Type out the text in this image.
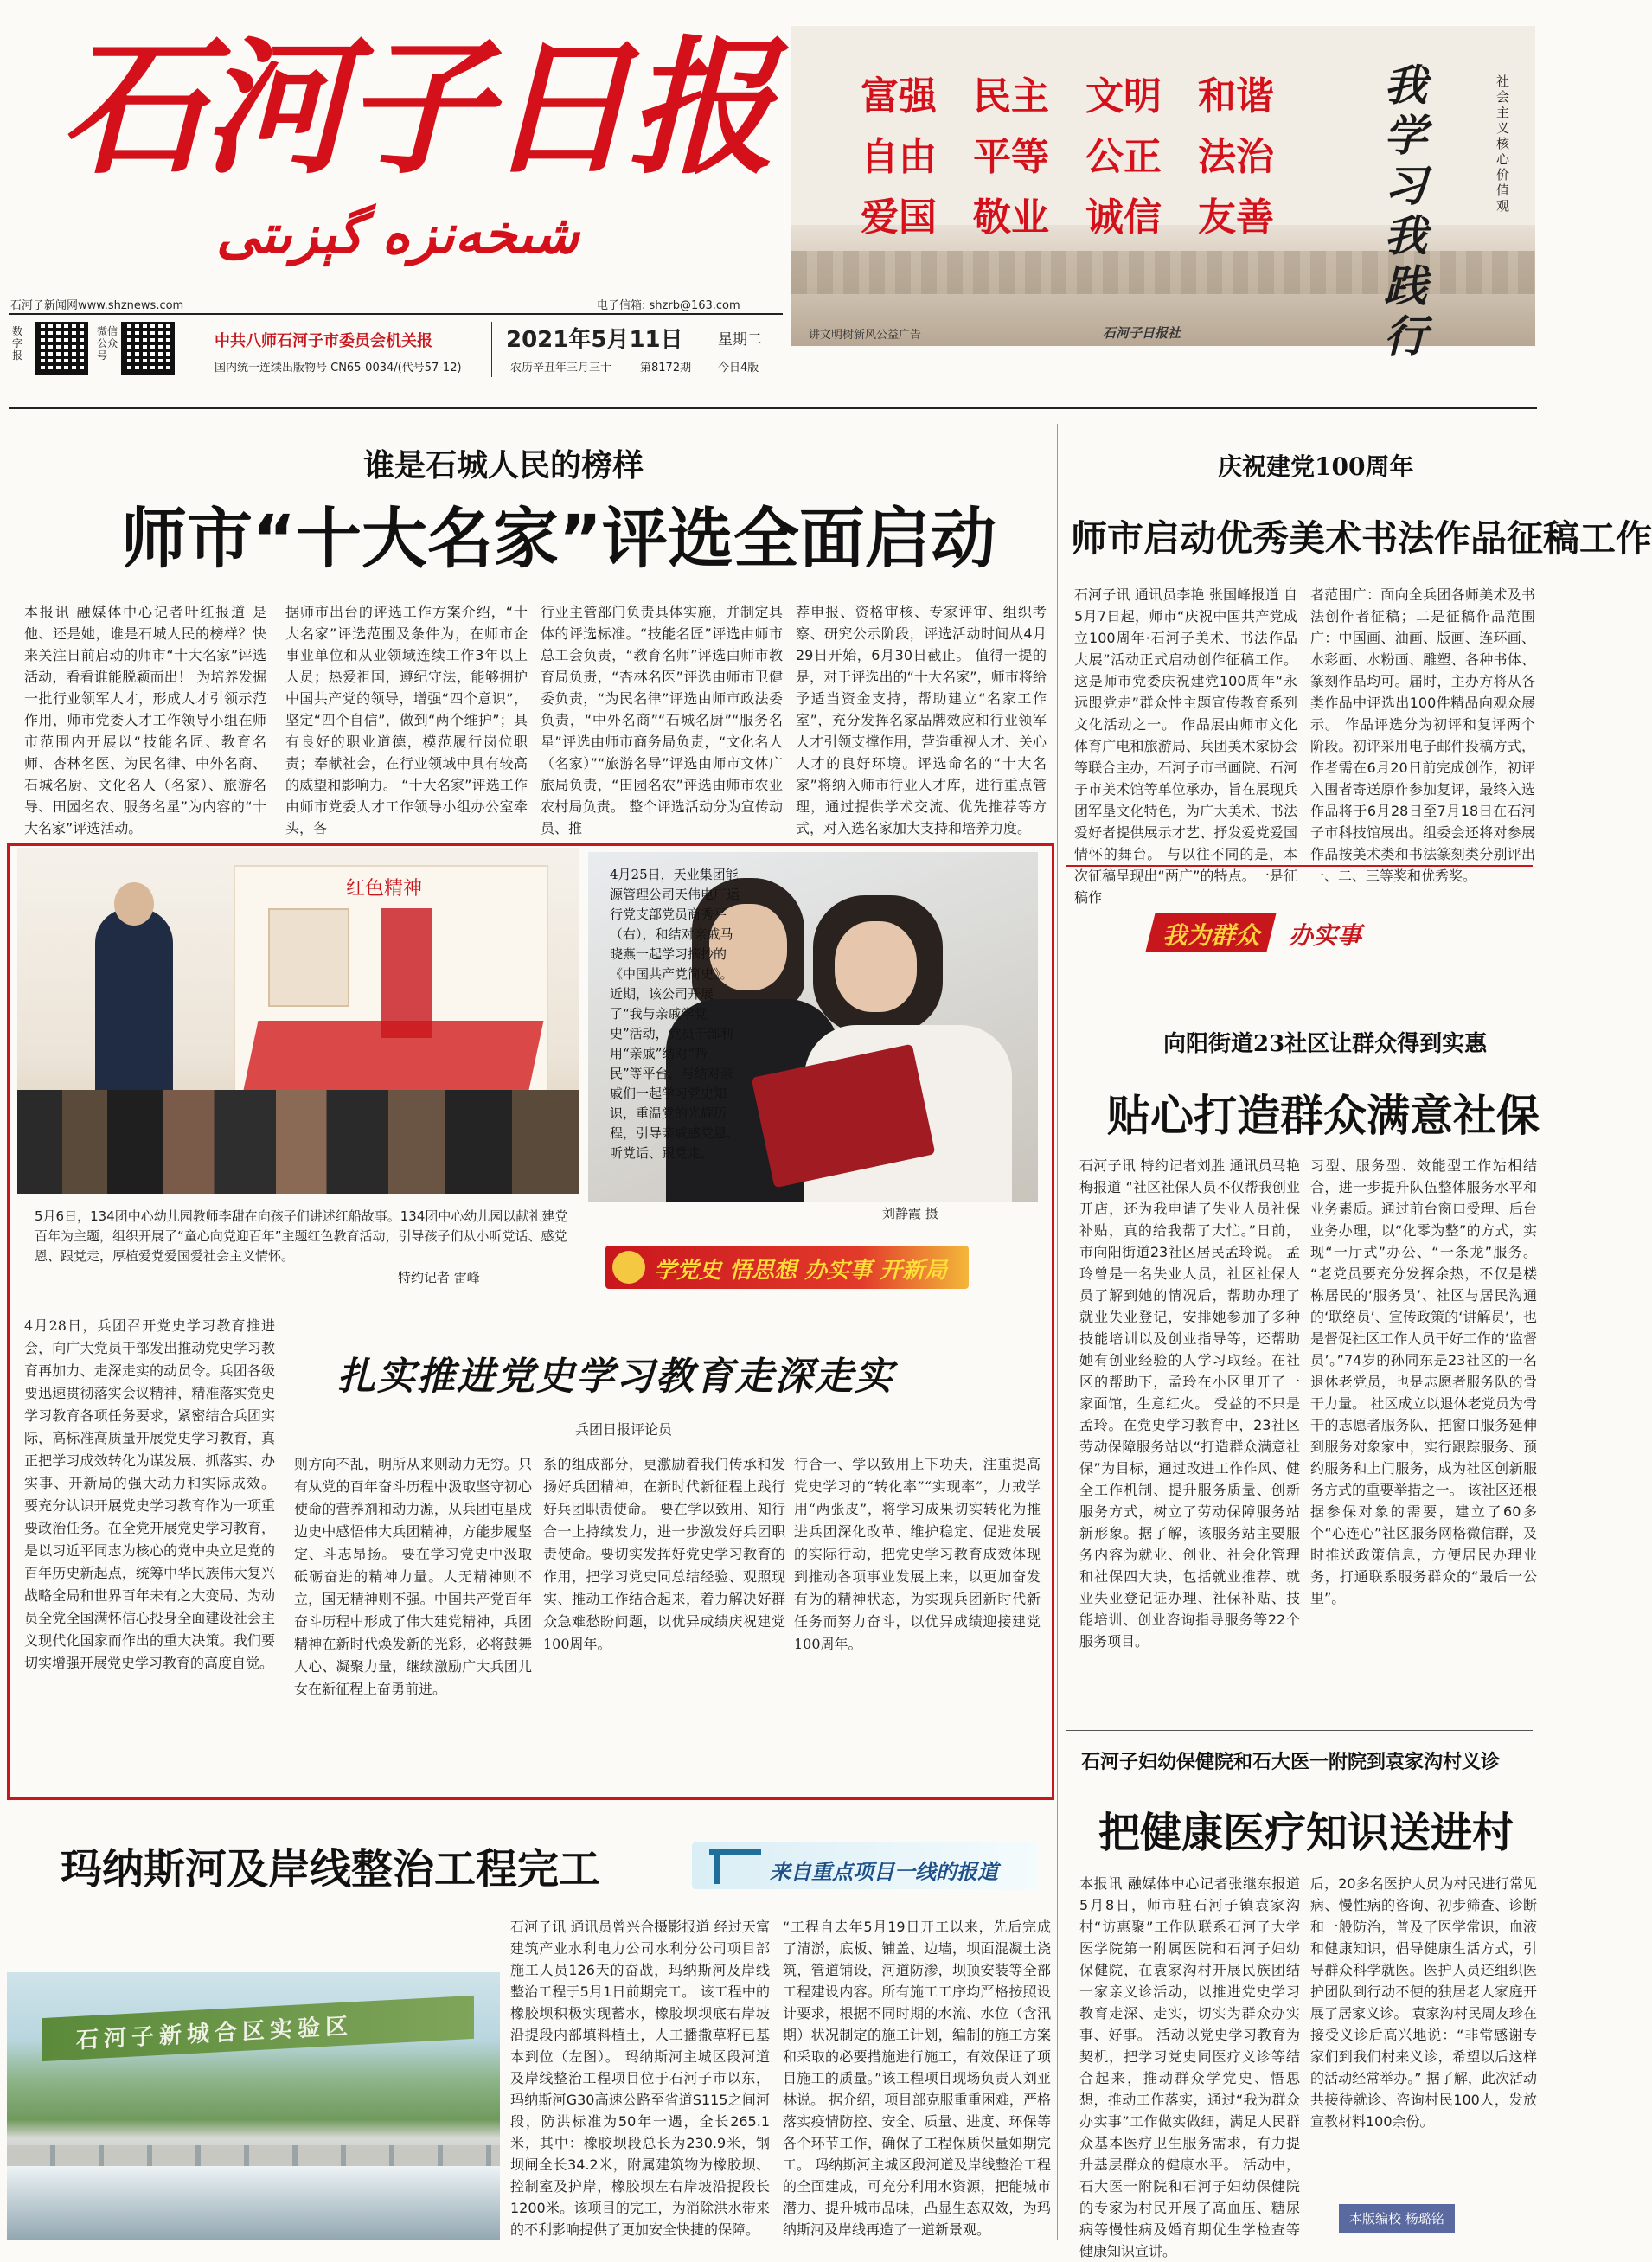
石河子日报
شىخەنزە گېزىتى
石河子新闻网www.shznews.com	电子信箱: shzrb@163.com
数字报
微信公众号
中共八师石河子市委员会机关报
国内统一连续出版物号 CN65-0034/(代号57-12)
2021年5月11日 星期二
农历辛丑年三月三十	第8172期 今日4版
富强 民主 文明 和谐
自由 平等 公正 法治
爱国 敬业 诚信 友善
我学习我践行
社会主义核心价值观
讲文明树新风公益广告	石河子日报社
谁是石城人民的榜样
师市“十大名家”评选全面启动
本报讯 融媒体中心记者叶红报道 是他、还是她，谁是石城人民的榜样？快来关注日前启动的师市“十大名家”评选活动，看看谁能脱颖而出！ 为培养发掘一批行业领军人才，形成人才引领示范作用，师市党委人才工作领导小组在师市范围内开展以“技能名匠、教育名师、杏林名医、为民名律、中外名商、石城名厨、文化名人（名家）、旅游名导、田园名农、服务名星”为内容的“十大名家”评选活动。
据师市出台的评选工作方案介绍，“十大名家”评选范围及条件为，在师市企事业单位和从业领域连续工作3年以上人员；热爱祖国，遵纪守法，能够拥护中国共产党的领导，增强“四个意识”，坚定“四个自信”，做到“两个维护”；具有良好的职业道德，模范履行岗位职责；奉献社会，在行业领域中具有较高的威望和影响力。 “十大名家”评选工作由师市党委人才工作领导小组办公室牵头，各
行业主管部门负责具体实施，并制定具体的评选标准。“技能名匠”评选由师市总工会负责，“教育名师”评选由师市教育局负责，“杏林名医”评选由师市卫健委负责，“为民名律”评选由师市政法委负责，“中外名商”“石城名厨”“服务名星”评选由师市商务局负责，“文化名人（名家）”“旅游名导”评选由师市文体广旅局负责，“田园名农”评选由师市农业农村局负责。 整个评选活动分为宣传动员、推
荐申报、资格审核、专家评审、组织考察、研究公示阶段，评选活动时间从4月29日开始，6月30日截止。 值得一提的是，对于评选出的“十大名家”，师市将给予适当资金支持，帮助建立“名家工作室”，充分发挥名家品牌效应和行业领军人才引领支撑作用，营造重视人才、关心人才的良好环境。评选命名的“十大名家”将纳入师市行业人才库，进行重点管理，通过提供学术交流、优先推荐等方式，对入选名家加大支持和培养力度。
庆祝建党100周年
师市启动优秀美术书法作品征稿工作
石河子讯 通讯员李艳 张国峰报道 自5月7日起，师市“庆祝中国共产党成立100周年·石河子美术、书法作品大展”活动正式启动创作征稿工作。这是师市党委庆祝建党100周年“永远跟党走”群众性主题宣传教育系列文化活动之一。 作品展由师市文化体育广电和旅游局、兵团美术家协会等联合主办，石河子市书画院、石河子市美术馆等单位承办，旨在展现兵团军垦文化特色，为广大美术、书法爱好者提供展示才艺、抒发爱党爱国情怀的舞台。 与以往不同的是，本次征稿呈现出“两广”的特点。一是征稿作
者范围广：面向全兵团各师美术及书法创作者征稿；二是征稿作品范围广：中国画、油画、版画、连环画、水彩画、水粉画、雕塑、各种书体、篆刻作品均可。届时，主办方将从各类作品中评选出100件精品向观众展示。 作品评选分为初评和复评两个阶段。初评采用电子邮件投稿方式，作者需在6月20日前完成创作，初评入围者寄送原作参加复评，最终入选作品将于6月28日至7月18日在石河子市科技馆展出。组委会还将对参展作品按美术类和书法篆刻类分别评出一、二、三等奖和优秀奖。
红色精神
5月6日，134团中心幼儿园教师李甜在向孩子们讲述红船故事。134团中心幼儿园以献礼建党百年为主题，组织开展了“童心向党迎百年”主题红色教育活动，引导孩子们从小听党话、感党恩、跟党走，厚植爱党爱国爱社会主义情怀。
特约记者 雷峰
4月25日，天业集团能源管理公司天伟电厂运行党支部党员商秀平（右），和结对亲戚马晓燕一起学习摘抄的《中国共产党简史》。近期，该公司开展了“我与亲戚学党史”活动，党员干部利用“亲戚”结对“帮民”等平台，与结对亲戚们一起学习党史知识，重温党的光辉历程，引导亲戚感党恩、听党话、跟党走。
刘静霞 摄
学党史 悟思想 办实事 开新局
扎实推进党史学习教育走深走实
兵团日报评论员
4月28日，兵团召开党史学习教育推进会，向广大党员干部发出推动党史学习教育再加力、走深走实的动员令。兵团各级要迅速贯彻落实会议精神，精准落实党史学习教育各项任务要求，紧密结合兵团实际，高标准高质量开展党史学习教育，真正把学习成效转化为谋发展、抓落实、办实事、开新局的强大动力和实际成效。 要充分认识开展党史学习教育作为一项重要政治任务。在全党开展党史学习教育，是以习近平同志为核心的党中央立足党的百年历史新起点，统筹中华民族伟大复兴战略全局和世界百年未有之大变局、为动员全党全国满怀信心投身全面建设社会主义现代化国家而作出的重大决策。我们要切实增强开展党史学习教育的高度自觉。
则方向不乱，明所从来则动力无穷。只有从党的百年奋斗历程中汲取坚守初心使命的营养剂和动力源，从兵团屯垦戍边史中感悟伟大兵团精神，方能步履坚定、斗志昂扬。 要在学习党史中汲取砥砺奋进的精神力量。人无精神则不立，国无精神则不强。中国共产党百年奋斗历程中形成了伟大建党精神，兵团精神在新时代焕发新的光彩，必将鼓舞人心、凝聚力量，继续激励广大兵团儿女在新征程上奋勇前进。
系的组成部分，更激励着我们传承和发扬好兵团精神，在新时代新征程上践行好兵团职责使命。 要在学以致用、知行合一上持续发力，进一步激发好兵团职责使命。要切实发挥好党史学习教育的作用，把学习党史同总结经验、观照现实、推动工作结合起来，着力解决好群众急难愁盼问题，以优异成绩庆祝建党100周年。
行合一、学以致用上下功夫，注重提高党史学习的“转化率”“实现率”，力戒学用“两张皮”，将学习成果切实转化为推进兵团深化改革、维护稳定、促进发展的实际行动，把党史学习教育成效体现到推动各项事业发展上来，以更加奋发有为的精神状态，为实现兵团新时代新任务而努力奋斗，以优异成绩迎接建党100周年。
我为群众 办实事
向阳街道23社区让群众得到实惠
贴心打造群众满意社保
石河子讯 特约记者刘胜 通讯员马艳梅报道 “社区社保人员不仅帮我创业开店，还为我申请了失业人员社保补贴，真的给我帮了大忙。”日前，市向阳街道23社区居民孟玲说。 孟玲曾是一名失业人员，社区社保人员了解到她的情况后，帮助办理了就业失业登记，安排她参加了多种技能培训以及创业指导等，还帮助她有创业经验的人学习取经。在社区的帮助下，孟玲在小区里开了一家面馆，生意红火。 受益的不只是孟玲。在党史学习教育中，23社区劳动保障服务站以“打造群众满意社保”为目标，通过改进工作作风、健全工作机制、提升服务质量、创新服务方式，树立了劳动保障服务站新形象。据了解，该服务站主要服务内容为就业、创业、社会化管理和社保四大块，包括就业推荐、就业失业登记证办理、社保补贴、技能培训、创业咨询指导服务等22个服务项目。
习型、服务型、效能型工作站相结合，进一步提升队伍整体服务水平和业务素质。通过前台窗口受理、后台业务办理，以“化零为整”的方式，实现“一厅式”办公、“一条龙”服务。 “老党员要充分发挥余热，不仅是楼栋居民的‘服务员’、社区与居民沟通的‘联络员’、宣传政策的‘讲解员’，也是督促社区工作人员干好工作的‘监督员’。”74岁的孙同东是23社区的一名退休老党员，也是志愿者服务队的骨干力量。 社区成立以退休老党员为骨干的志愿者服务队，把窗口服务延伸到服务对象家中，实行跟踪服务、预约服务和上门服务，成为社区创新服务方式的重要举措之一。 该社区还根据参保对象的需要，建立了60多个“心连心”社区服务网格微信群，及时推送政策信息，方便居民办理业务，打通联系服务群众的“最后一公里”。
石河子妇幼保健院和石大医一附院到袁家沟村义诊
把健康医疗知识送进村
本报讯 融媒体中心记者张继东报道 5月8日，师市驻石河子镇袁家沟村“访惠聚”工作队联系石河子大学医学院第一附属医院和石河子妇幼保健院，在袁家沟村开展民族团结一家亲义诊活动，以推进党史学习教育走深、走实，切实为群众办实事、好事。 活动以党史学习教育为契机，把学习党史同医疗义诊等结合起来，推动群众学党史、悟思想，推动工作落实，通过“我为群众办实事”工作做实做细，满足人民群众基本医疗卫生服务需求，有力提升基层群众的健康水平。 活动中，石大医一附院和石河子妇幼保健院的专家为村民开展了高血压、糖尿病等慢性病及婚育期优生学检查等健康知识宣讲。
后，20多名医护人员为村民进行常见病、慢性病的咨询、初步筛查、诊断和一般防治，普及了医学常识，血液和健康知识，倡导健康生活方式，引导群众科学就医。医护人员还组织医护团队到行动不便的独居老人家庭开展了居家义诊。 袁家沟村民周友珍在接受义诊后高兴地说：“非常感谢专家们到我们村来义诊，希望以后这样的活动经常举办。” 据了解，此次活动共接待就诊、咨询村民100人，发放宣教材料100余份。
本版编校 杨璐铭
玛纳斯河及岸线整治工程完工	来自重点项目一线的报道
石河子新城合区实验区
石河子讯 通讯员曾兴合摄影报道 经过天富建筑产业水利电力公司水利分公司项目部施工人员126天的奋战，玛纳斯河及岸线整治工程于5月1日前期完工。 该工程中的橡胶坝积极实现蓄水，橡胶坝坝底右岸坡沿提段内部填料植土，人工播撒草籽已基本到位（左图）。 玛纳斯河主城区段河道及岸线整治工程项目位于石河子市以东，玛纳斯河G30高速公路至省道S115之间河段，防洪标准为50年一遇，全长265.1米，其中：橡胶坝段总长为230.9米，钢坝闸全长34.2米，附属建筑物为橡胶坝、控制室及护岸，橡胶坝左右岸坡沿提段长1200米。该项目的完工，为消除洪水带来的不利影响提供了更加安全快捷的保障。
“工程自去年5月19日开工以来，先后完成了清淤，底板、铺盖、边墙，坝面混凝土浇筑，管道铺设，河道防渗，坝顶安装等全部工程建设内容。所有施工工序均严格按照设计要求，根据不同时期的水流、水位（含汛期）状况制定的施工计划，编制的施工方案和采取的必要措施进行施工，有效保证了项目施工的质量。”该工程项目现场负责人刘亚林说。 据介绍，项目部克服重重困难，严格落实疫情防控、安全、质量、进度、环保等各个环节工作，确保了工程保质保量如期完工。 玛纳斯河主城区段河道及岸线整治工程的全面建成，可充分利用水资源，把能城市潜力、提升城市品味，凸显生态双效，为玛纳斯河及岸线再造了一道新景观。
